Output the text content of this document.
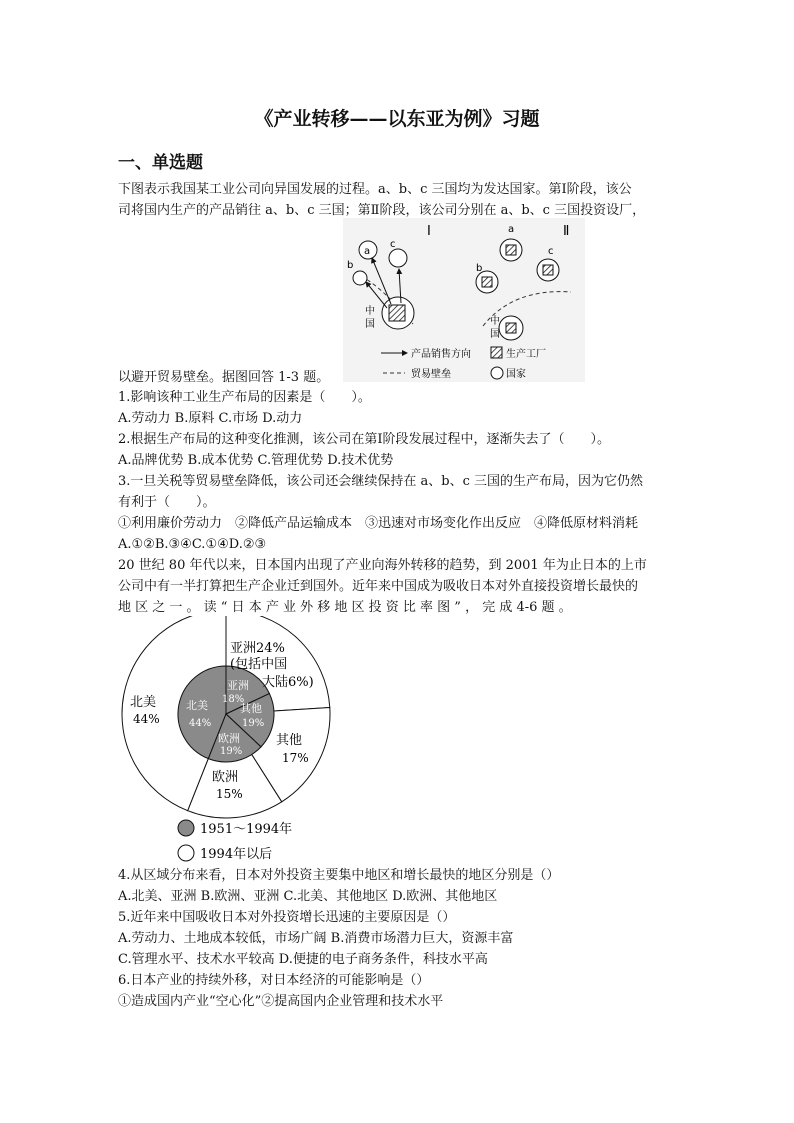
《产业转移——以东亚为例》习题
一、单选题
下图表示我国某工业公司向异国发展的过程。a、b、c 三国均为发达国家。第Ⅰ阶段，该公
司将国内生产的产品销往 a、b、c 三国；第Ⅱ阶段，该公司分别在 a、b、c 三国投资设厂，
以避开贸易壁垒。据图回答 1-3 题。
Ⅰ	Ⅱ
a
b
c
中
国
a
b
c
中
国
产品销售方向	生产工厂
贸易壁垒	国家
1.影响该种工业生产布局的因素是（　　）。
A.劳动力 B.原料 C.市场 D.动力
2.根据生产布局的这种变化推测，该公司在第Ⅰ阶段发展过程中，逐渐失去了（　　）。
A.品牌优势 B.成本优势 C.管理优势 D.技术优势
3.一旦关税等贸易壁垒降低，该公司还会继续保持在 a、b、c 三国的生产布局，因为它仍然
有利于（　　）。
①利用廉价劳动力　②降低产品运输成本　③迅速对市场变化作出反应　④降低原材料消耗
A.①②B.③④C.①④D.②③
20 世纪 80 年代以来，日本国内出现了产业向海外转移的趋势，到 2001 年为止日本的上市
公司中有一半打算把生产企业迁到国外。近年来中国成为吸收日本对外直接投资增长最快的
地 区 之 一 。 读 “ 日 本 产 业 外 移 地 区 投 资 比 率 图 ” ， 完 成 4-6 题 。
亚洲24%
(包括中国
大陆6%)
北美
44%
其他
17%
欧洲
15%
北美
44%
亚洲
18%
其他
19%
欧洲
19%
1951～1994年
1994年以后
4.从区域分布来看，日本对外投资主要集中地区和增长最快的地区分别是（）
A.北美、亚洲 B.欧洲、亚洲 C.北美、其他地区 D.欧洲、其他地区
5.近年来中国吸收日本对外投资增长迅速的主要原因是（）
A.劳动力、土地成本较低，市场广阔 B.消费市场潜力巨大，资源丰富
C.管理水平、技术水平较高 D.便捷的电子商务条件，科技水平高
6.日本产业的持续外移，对日本经济的可能影响是（）
①造成国内产业“空心化”②提高国内企业管理和技术水平
